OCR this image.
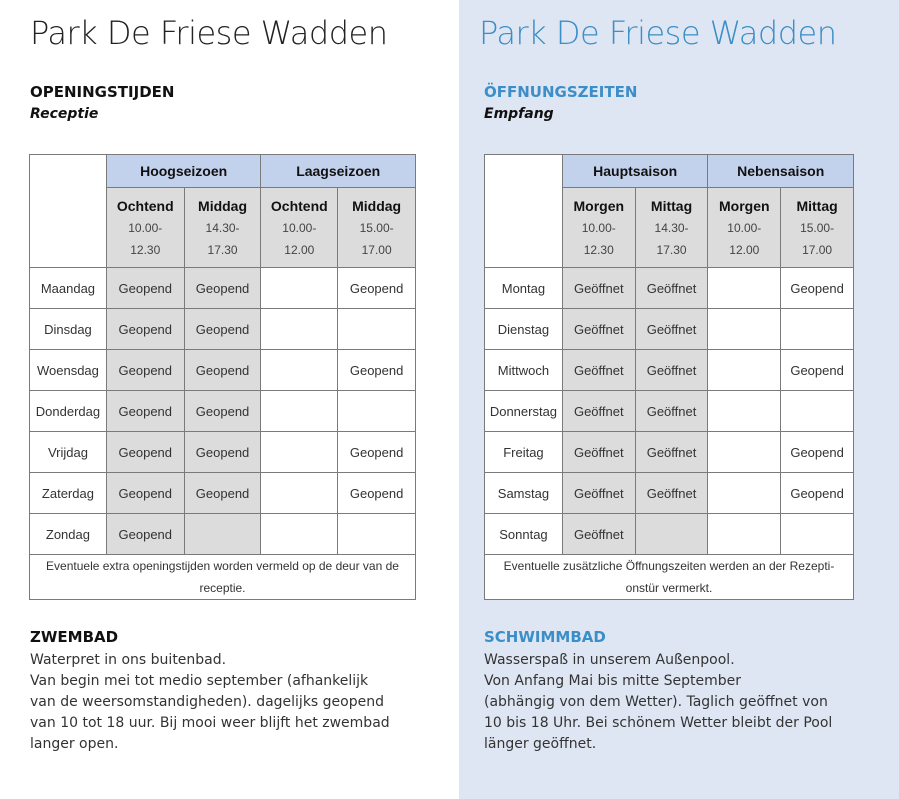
Park De Friese Wadden
OPENINGSTIJDEN
Receptie
	Hoogseizoen		Laagseizoen	

	Ochtend
10.00-
12.30	Middag
14.30-
17.30	Ochtend
10.00-
12.00	Middag
15.00-
17.00

Maandag	Geopend	Geopend		Geopend
Dinsdag	Geopend	Geopend		
Woensdag	Geopend	Geopend		Geopend
Donderdag	Geopend	Geopend		
Vrijdag	Geopend	Geopend		Geopend
Zaterdag	Geopend	Geopend		Geopend
Zondag	Geopend			

Eventuele extra openingstijden worden vermeld op de deur van de
receptie.				
ZWEMBAD
Waterpret in ons buitenbad.
Van begin mei tot medio september (afhankelijk
van de weersomstandigheden). dagelijks geopend
van 10 tot 18 uur. Bij mooi weer blijft het zwembad
langer open.
Park De Friese Wadden
ÖFFNUNGSZEITEN
Empfang
	Hauptsaison		Nebensaison	

	Morgen
10.00-
12.30	Mittag
14.30-
17.30	Morgen
10.00-
12.00	Mittag
15.00-
17.00

Montag	Geöffnet	Geöffnet		Geopend
Dienstag	Geöffnet	Geöffnet		
Mittwoch	Geöffnet	Geöffnet		Geopend
Donnerstag	Geöffnet	Geöffnet		
Freitag	Geöffnet	Geöffnet		Geopend
Samstag	Geöffnet	Geöffnet		Geopend
Sonntag	Geöffnet			

Eventuelle zusätzliche Öffnungszeiten werden an der Rezepti-
onstür vermerkt.				
SCHWIMMBAD
Wasserspaß in unserem Außenpool.
Von Anfang Mai bis mitte September
(abhängig von dem Wetter). Taglich geöffnet von
10 bis 18 Uhr. Bei schönem Wetter bleibt der Pool
länger geöffnet.
